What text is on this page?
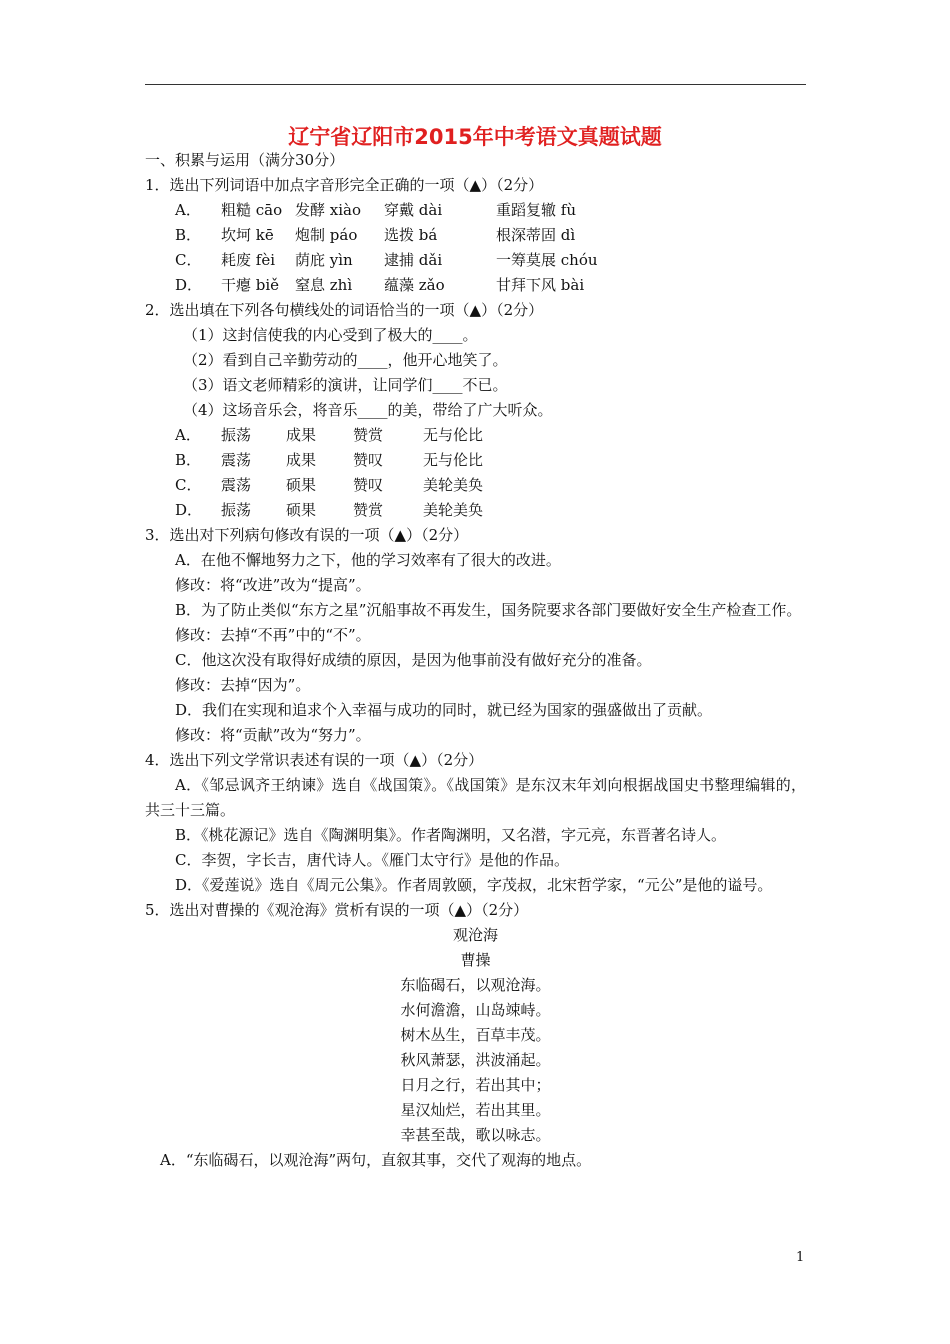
辽宁省辽阳市2015年中考语文真题试题
一、积累与运用（满分30分）
1．选出下列词语中加点字音形完全正确的一项（▲）（2分）
A． 粗糙 cāo 发酵 xiào 穿戴 dài	重蹈复辙 fù
B． 坎坷 kē 炮制 páo 选拨 bá	根深蒂固 dì
C． 耗废 fèi 荫庇 yìn 逮捕 dǎi	一筹莫展 chóu
D． 干瘪 biě 窒息 zhì 蕴藻 zǎo	甘拜下风 bài
2．选出填在下列各句横线处的词语恰当的一项（▲）（2分）
（1）这封信使我的内心受到了极大的____。
（2）看到自己辛勤劳动的____，他开心地笑了。
（3）语文老师精彩的演讲，让同学们____不已。
（4）这场音乐会，将音乐____的美，带给了广大听众。
A． 振荡 成果 赞赏	无与伦比
B． 震荡 成果 赞叹	无与伦比
C． 震荡 硕果 赞叹	美轮美奂
D． 振荡 硕果 赞赏	美轮美奂
3．选出对下列病句修改有误的一项（▲）（2分）
A．在他不懈地努力之下，他的学习效率有了很大的改进。
修改：将“改进”改为“提高”。
B．为了防止类似“东方之星”沉船事故不再发生，国务院要求各部门要做好安全生产检查工作。
修改：去掉“不再”中的“不”。
C．他这次没有取得好成绩的原因，是因为他事前没有做好充分的准备。
修改：去掉“因为”。
D．我们在实现和追求个入幸福与成功的同时，就已经为国家的强盛做出了贡献。
修改：将“贡献”改为“努力”。
4．选出下列文学常识表述有误的一项（▲）（2分）
A．《邹忌讽齐王纳谏》选自《战国策》。《战国策》是东汉末年刘向根据战国史书整理编辑的，共三十三篇。
B．《桃花源记》选自《陶渊明集》。作者陶渊明，又名潜，字元亮，东晋著名诗人。
C．李贺，字长吉，唐代诗人。《雁门太守行》是他的作品。
D．《爱莲说》选自《周元公集》。作者周敦颐，字茂叔，北宋哲学家，“元公”是他的谥号。
5．选出对曹操的《观沧海》赏析有误的一项（▲）（2分）
观沧海
曹操
东临碣石，以观沧海。
水何澹澹，山岛竦峙。
树木丛生，百草丰茂。
秋风萧瑟，洪波涌起。
日月之行，若出其中；
星汉灿烂，若出其里。
幸甚至哉，歌以咏志。
A．“东临碣石，以观沧海”两句，直叙其事，交代了观海的地点。
1
